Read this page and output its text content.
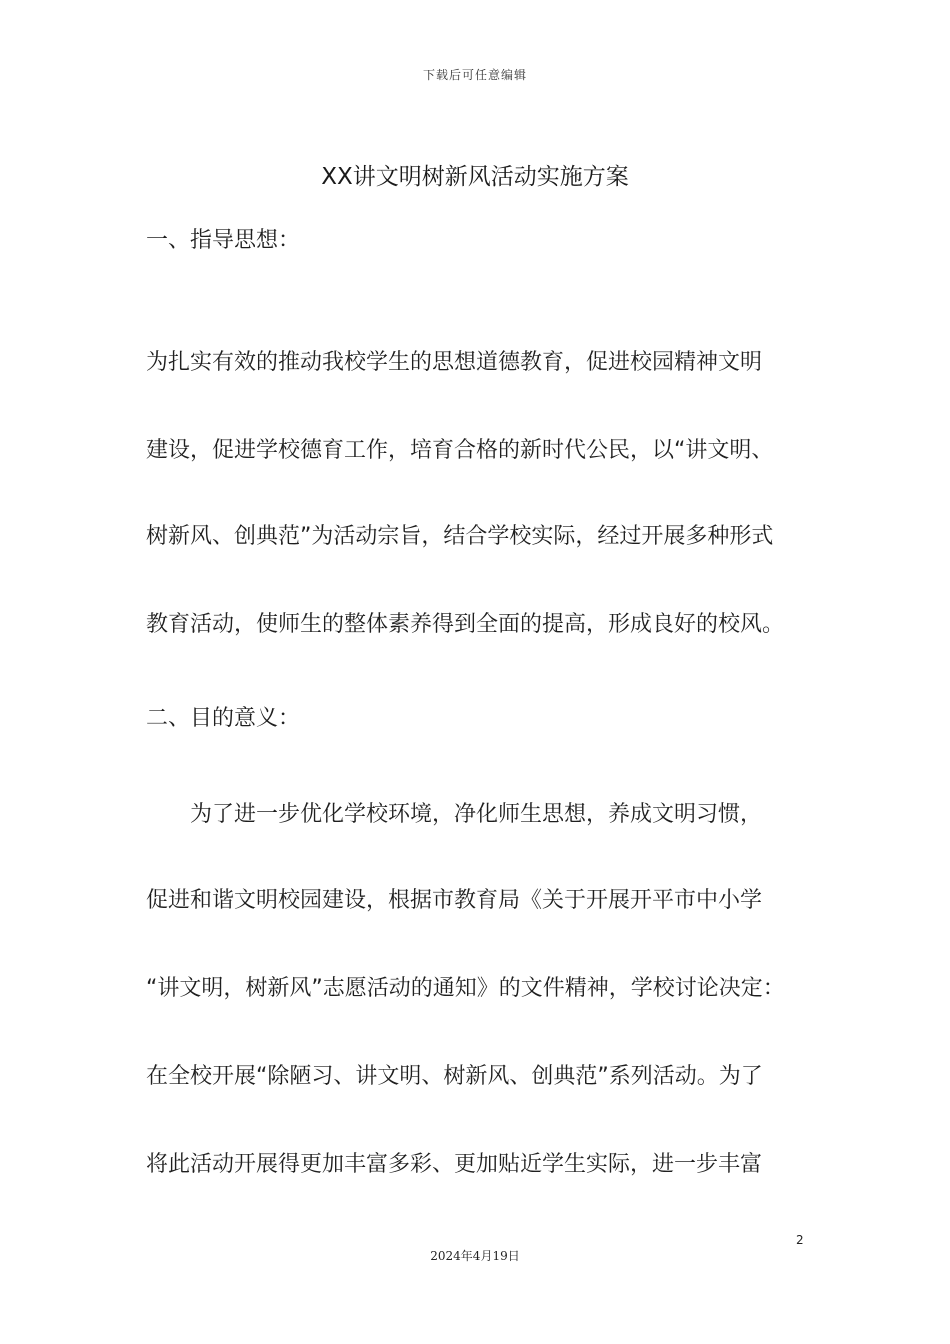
下载后可任意编辑
XX讲文明树新风活动实施方案
一、指导思想：
为扎实有效的推动我校学生的思想道德教育，促进校园精神文明
建设，促进学校德育工作，培育合格的新时代公民，以“讲文明、
树新风、创典范”为活动宗旨，结合学校实际，经过开展多种形式
教育活动，使师生的整体素养得到全面的提高，形成良好的校风。
二、目的意义：
为了进一步优化学校环境，净化师生思想，养成文明习惯，
促进和谐文明校园建设，根据市教育局《关于开展开平市中小学
“讲文明，树新风”志愿活动的通知》的文件精神，学校讨论决定：
在全校开展“除陋习、讲文明、树新风、创典范”系列活动。为了
将此活动开展得更加丰富多彩、更加贴近学生实际，进一步丰富
2
2024年4月19日
